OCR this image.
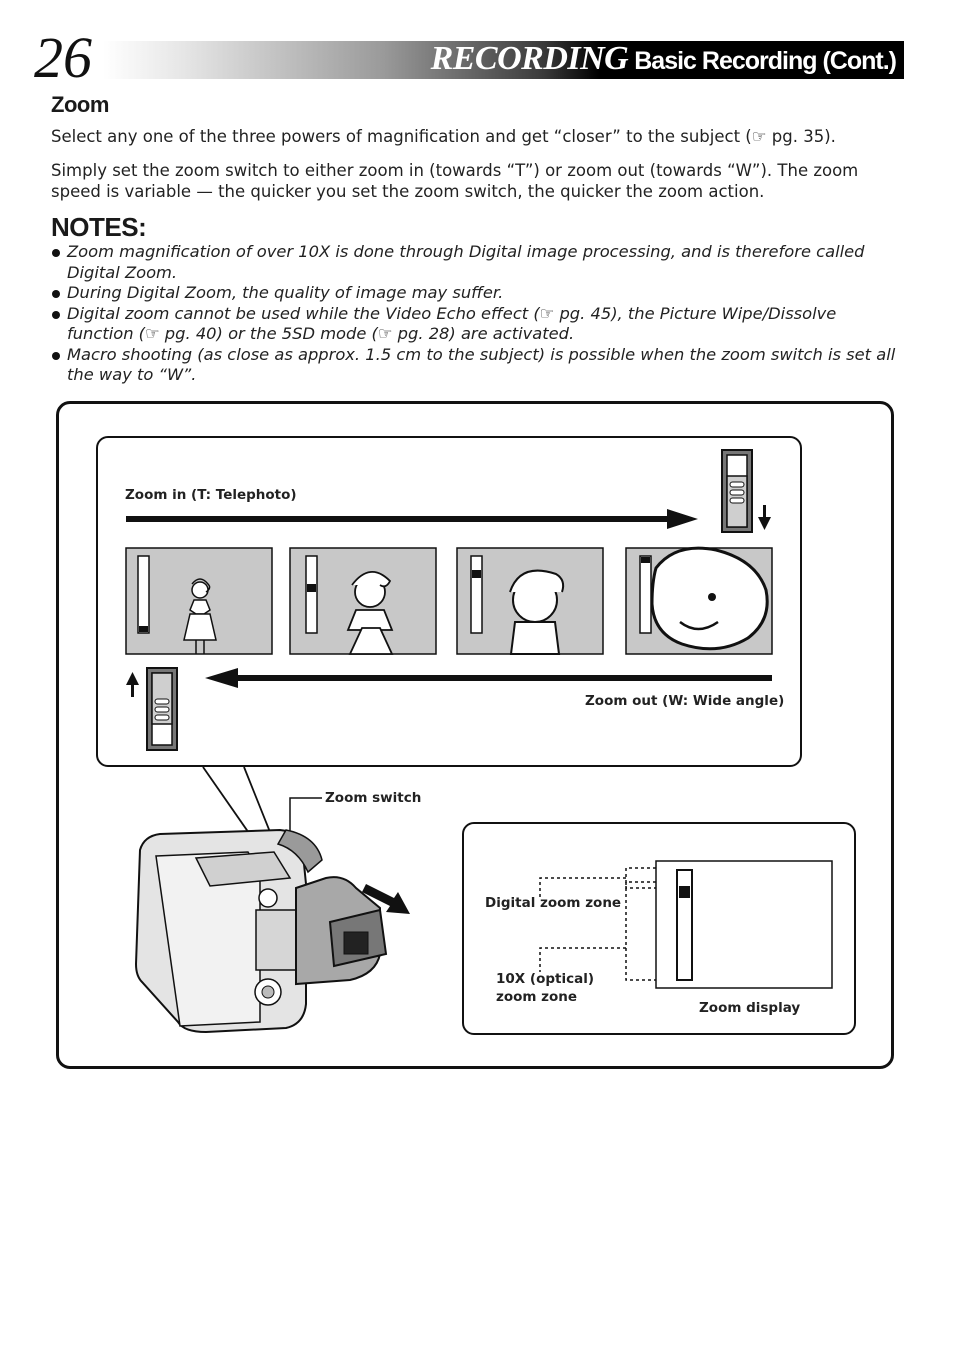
26	RECORDING Basic Recording (Cont.)
Zoom
Select any one of the three powers of magnification and get “closer” to the subject (☞ pg. 35).
Simply set the zoom switch to either zoom in (towards “T”) or zoom out (towards “W”). The zoom speed is variable — the quicker you set the zoom switch, the quicker the zoom action.
NOTES:
Zoom magnification of over 10X is done through Digital image processing, and is therefore called Digital Zoom.
During Digital Zoom, the quality of image may suffer.
Digital zoom cannot be used while the Video Echo effect (☞ pg. 45), the Picture Wipe/Dissolve function (☞ pg. 40) or the 5SD mode (☞ pg. 28) are activated.
Macro shooting (as close as approx. 1.5 cm to the subject) is possible when the zoom switch is set all the way to “W”.
Zoom in (T: Telephoto)
Zoom out (W: Wide angle)
Zoom switch
Digital zoom zone
10X (optical)
zoom zone
Zoom display
